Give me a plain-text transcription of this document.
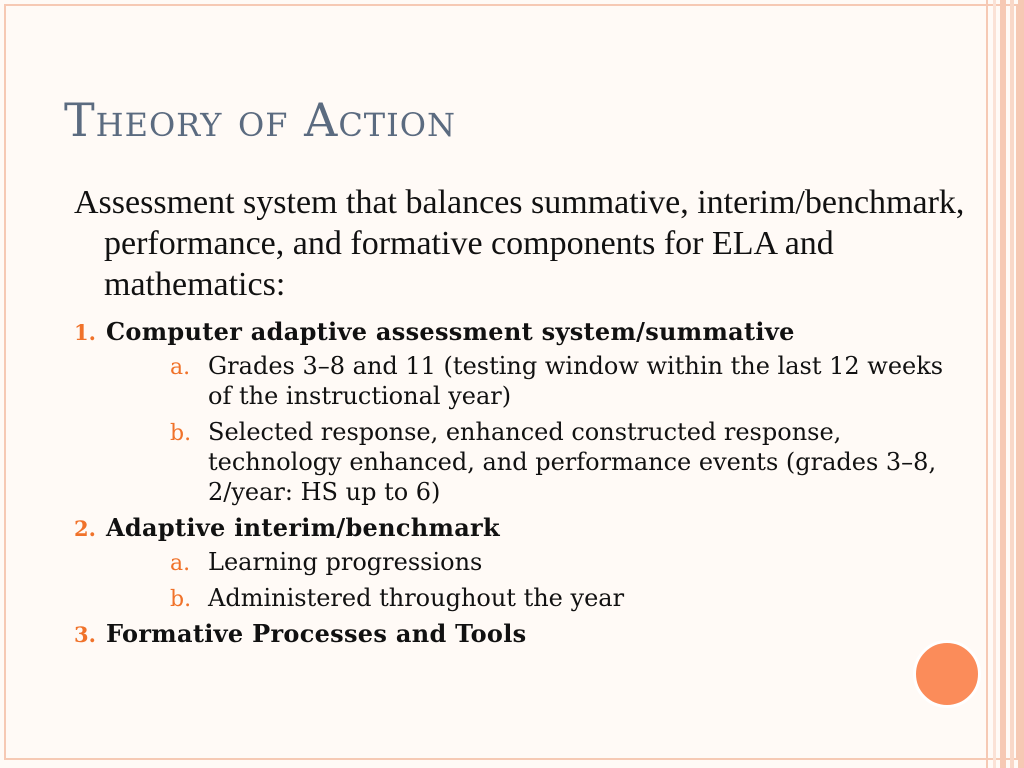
Theory of Action

Assessment system that balances summative, interim/benchmark, performance, and formative components for ELA and mathematics:

1. Computer adaptive assessment system/summative
a. Grades 3–8 and 11 (testing window within the last 12 weeks of the instructional year)
b. Selected response, enhanced constructed response, technology enhanced, and performance events (grades 3–8, 2/year: HS up to 6)
2. Adaptive interim/benchmark
a. Learning progressions
b. Administered throughout the year
3. Formative Processes and Tools
